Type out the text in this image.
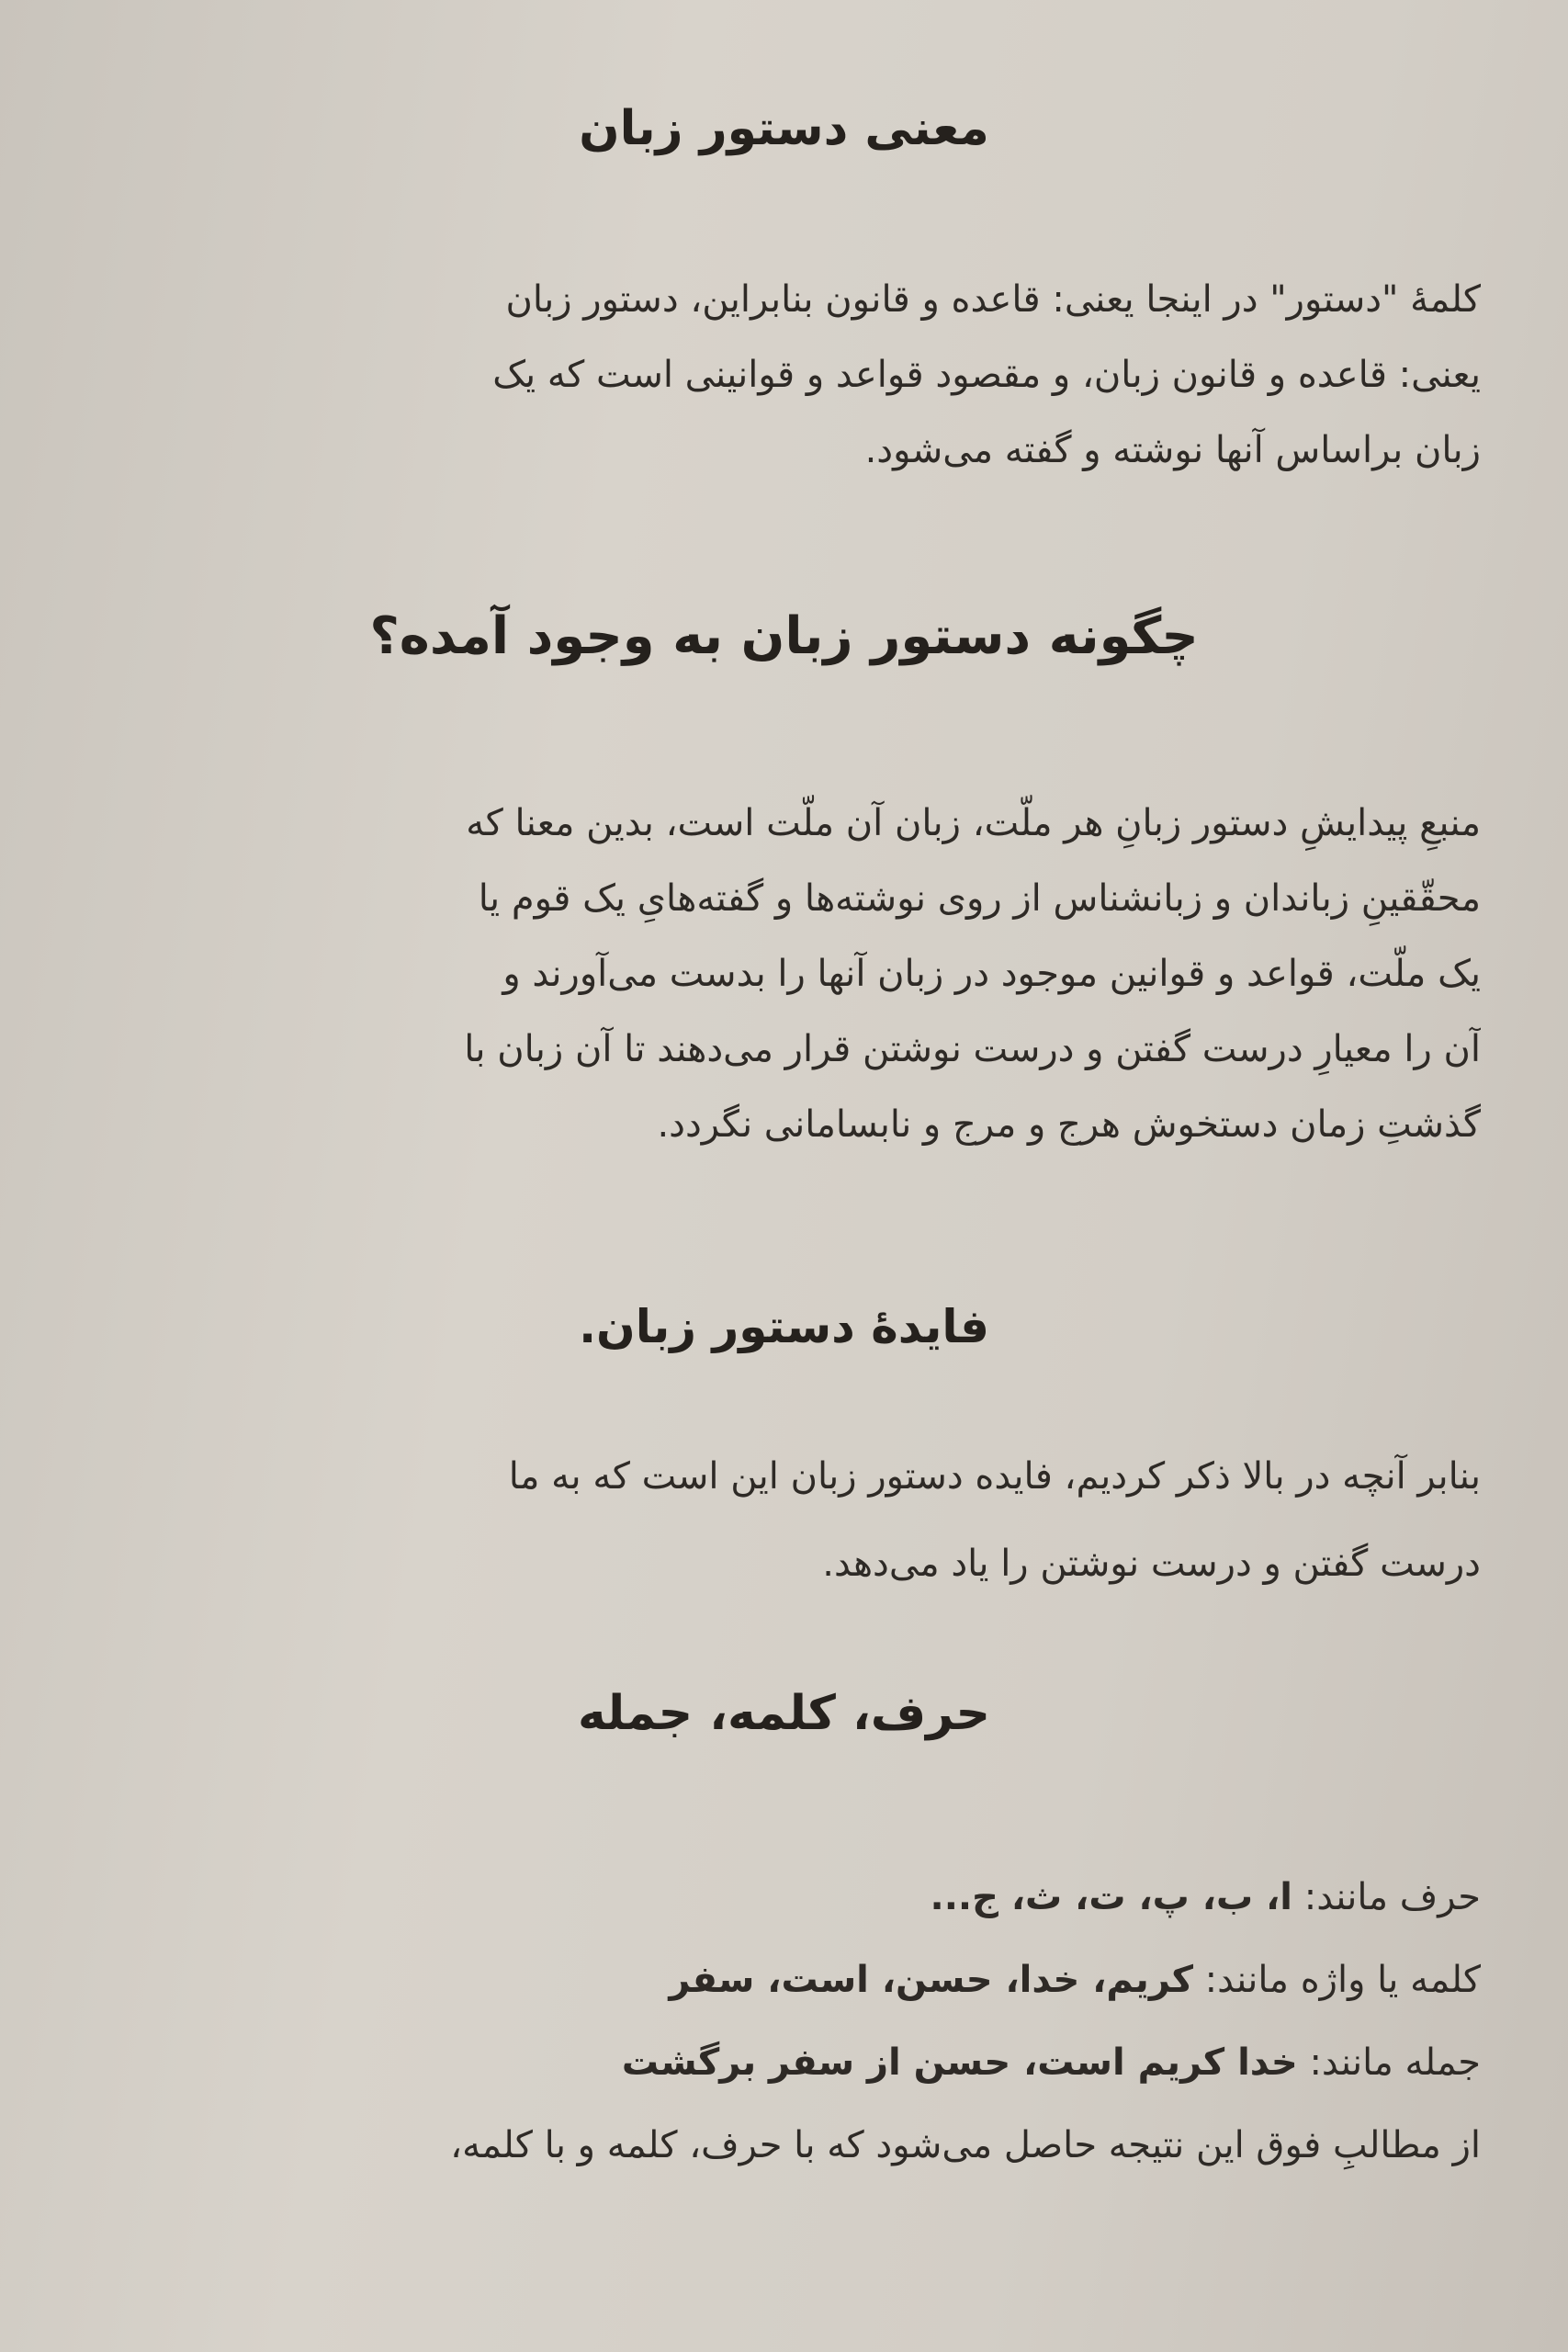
معنی دستور زبان
کلمهٔ "دستور" در اینجا یعنی: قاعده و قانون بنابراین، دستور زبان
یعنی: قاعده و قانون زبان، و مقصود قواعد و قوانینی است که یک
زبان براساس آنها نوشته و گفته می‌شود.
چگونه دستور زبان به وجود آمده؟
منبعِ پیدایشِ دستور زبانِ هر ملّت، زبان آن ملّت است، بدین معنا که
محقّقینِ زباندان و زبانشناس از روی نوشته‌ها و گفته‌هایِ یک قوم یا
یک ملّت، قواعد و قوانین موجود در زبان آنها را بدست می‌آورند و
آن را معیارِ درست گفتن و درست نوشتن قرار می‌دهند تا آن زبان با
گذشتِ زمان دستخوش هرج و مرج و نابسامانی نگردد.
فایدهٔ دستور زبان.
بنابر آنچه در بالا ذکر کردیم، فایده دستور زبان این است که به ما
درست گفتن و درست نوشتن را یاد می‌دهد.
حرف، کلمه، جمله
حرف مانند: ا، ب، پ، ت، ث، ج...
کلمه یا واژه مانند: کریم، خدا، حسن، است، سفر
جمله مانند: خدا کریم است، حسن از سفر برگشت
از مطالبِ فوق این نتیجه حاصل می‌شود که با حرف، کلمه و با کلمه،
